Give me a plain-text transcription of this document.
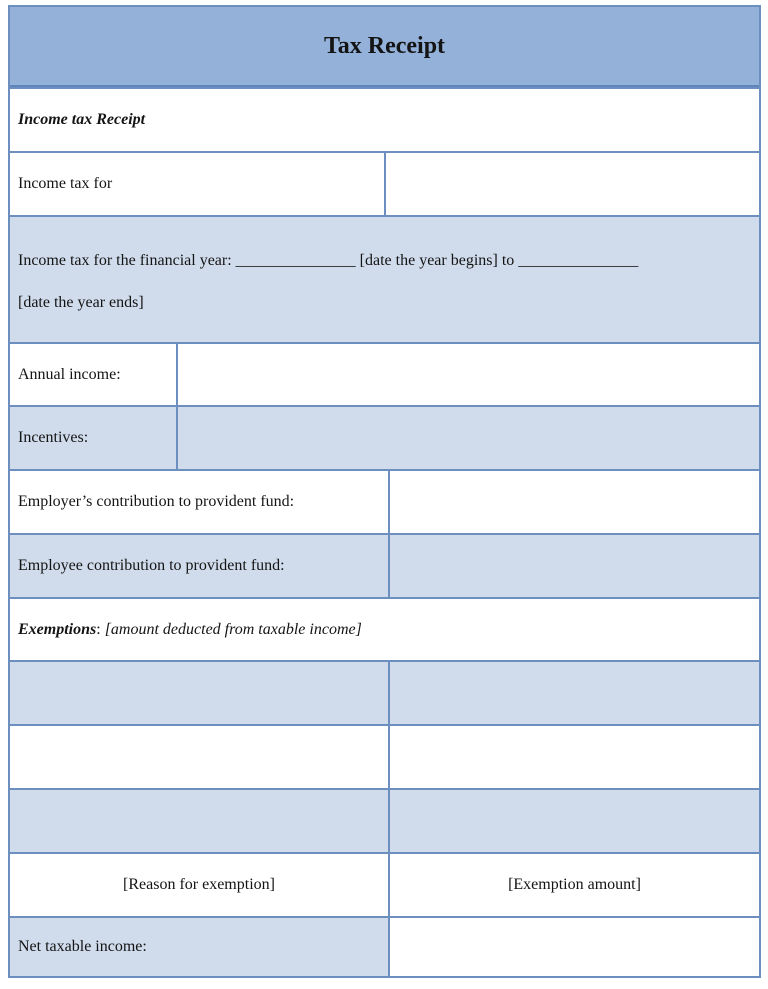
Tax Receipt
Income tax Receipt
Income tax for
Income tax for the financial year: _______________ [date the year begins] to _______________
[date the year ends]
Annual income:
Incentives:
Employer’s contribution to provident fund:
Employee contribution to provident fund:
Exemptions : [amount deducted from taxable income]
[Reason for exemption]	[Exemption amount]
Net taxable income:
